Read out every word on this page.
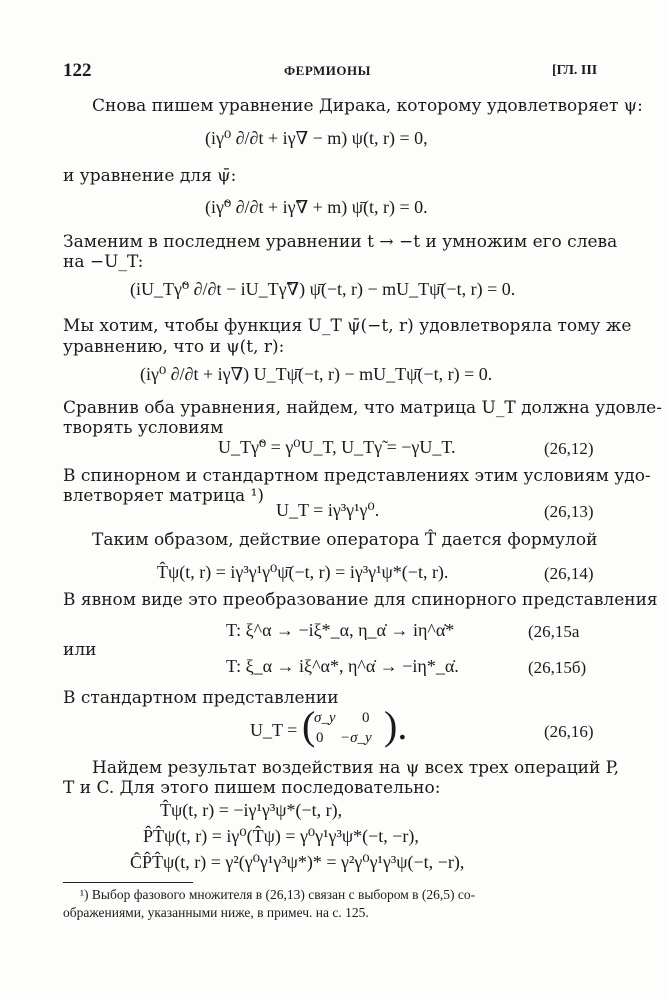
122	ФЕРМИОНЫ	[ГЛ. III
Снова пишем уравнение Дирака, которому удовлетворяет ψ:
(iγ⁰ ∂/∂t + iγ∇ − m) ψ(t, r) = 0,
и уравнение для ψ̄:
(iγ̃⁰ ∂/∂t + iγ̃∇ + m) ψ̄(t, r) = 0.
Заменим в последнем уравнении t → −t и умножим его слева
на −U_T:
(iU_Tγ̃⁰ ∂/∂t − iU_Tγ̃∇) ψ̄(−t, r) − mU_Tψ̄(−t, r) = 0.
Мы хотим, чтобы функция U_T ψ̄(−t, r) удовлетворяла тому же
уравнению, что и ψ(t, r):
(iγ⁰ ∂/∂t + iγ∇) U_Tψ̄(−t, r) − mU_Tψ̄(−t, r) = 0.
Сравнив оба уравнения, найдем, что матрица U_T должна удовле-
творять условиям
U_Tγ̃⁰ = γ⁰U_T, U_Tγ̃ = −γU_T.	(26,12)
В спинорном и стандартном представлениях этим условиям удо-
влетворяет матрица ¹)
U_T = iγ³γ¹γ⁰.	(26,13)
Таким образом, действие оператора T̂ дается формулой
T̂ψ(t, r) = iγ³γ¹γ⁰ψ̄(−t, r) = iγ³γ¹ψ*(−t, r).	(26,14)
В явном виде это преобразование для спинорного представления
T: ξ^α → −iξ*_α, η_α̇ → iη^α̇*	(26,15а
или
T: ξ_α → iξ^α*, η^α̇ → −iη*_α̇.	(26,15б)
В стандартном представлении
U_T = (
σ_y 0
0 −σ_y ).	(26,16)
Найдем результат воздействия на ψ всех трех операций P,
T и C. Для этого пишем последовательно:
T̂ψ(t, r) = −iγ¹γ³ψ*(−t, r),
P̂T̂ψ(t, r) = iγ⁰(T̂ψ) = γ⁰γ¹γ³ψ*(−t, −r),
ĈP̂T̂ψ(t, r) = γ²(γ⁰γ¹γ³ψ*)* = γ²γ⁰γ¹γ³ψ(−t, −r),
¹) Выбор фазового множителя в (26,13) связан с выбором в (26,5) со-
ображениями, указанными ниже, в примеч. на с. 125.
